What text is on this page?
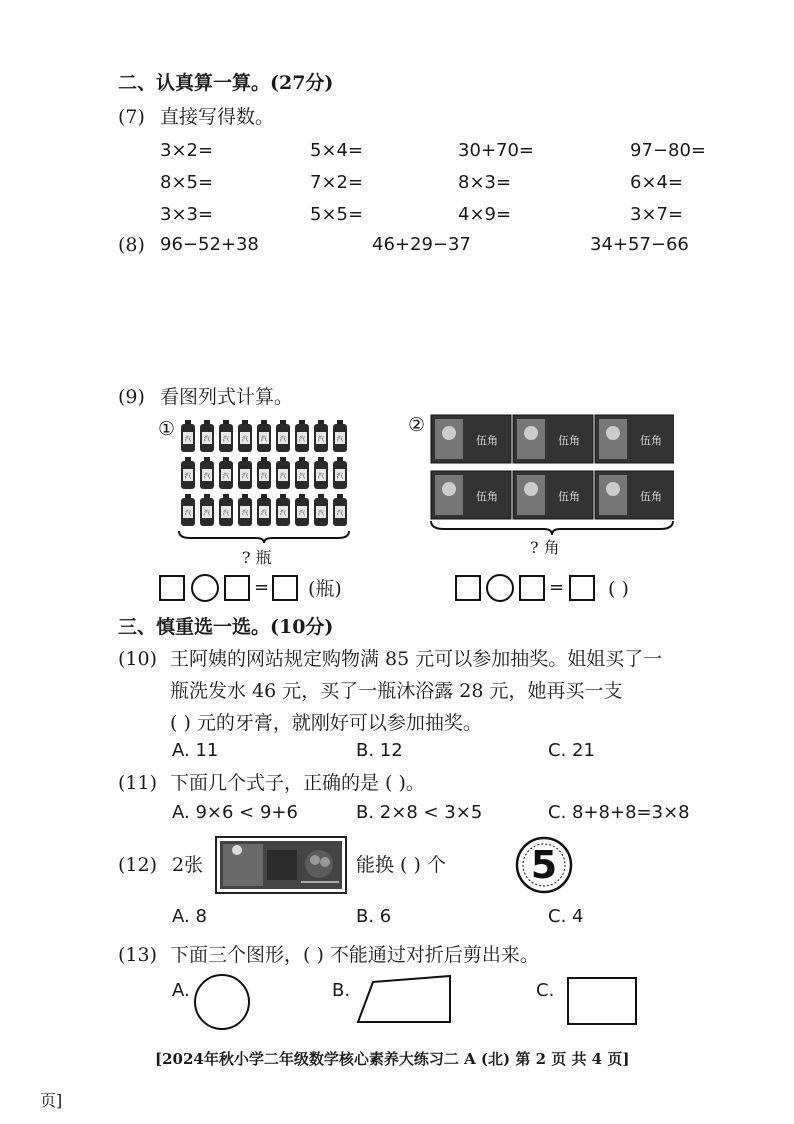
二、认真算一算。(27分)
(7) 直接写得数。
3×2=	5×4=	30+70=	97−80=
8×5=	7×2=	8×3=	6×4=
3×3=	5×5=	4×9=	3×7=
(8) 96−52+38	46+29−37	34+57−66
(9) 看图列式计算。
① 汽 汽 汽 汽 汽 汽 汽 汽 汽
汽 汽 汽 汽 汽 汽 汽 汽 汽
汽 汽 汽 汽 汽 汽 汽 汽 汽
? 瓶
= (瓶)
②
伍角	伍角	伍角
伍角	伍角	伍角
? 角
= ( )
三、慎重选一选。(10分)
(10) 王阿姨的网站规定购物满 85 元可以参加抽奖。姐姐买了一
瓶洗发水 46 元，买了一瓶沐浴露 28 元，她再买一支
( ) 元的牙膏，就刚好可以参加抽奖。
A. 11	B. 12	C. 21
(11) 下面几个式子，正确的是 ( )。
A. 9×6 < 9+6	B. 2×8 < 3×5	C. 8+8+8=3×8
(12) 2张	能换 ( ) 个 5
A. 8	B. 6	C. 4
(13) 下面三个图形，( ) 不能通过对折后剪出来。
A.	B.	C.
[2024年秋小学二年级数学核心素养大练习二 A (北) 第 2 页 共 4 页]
页]
